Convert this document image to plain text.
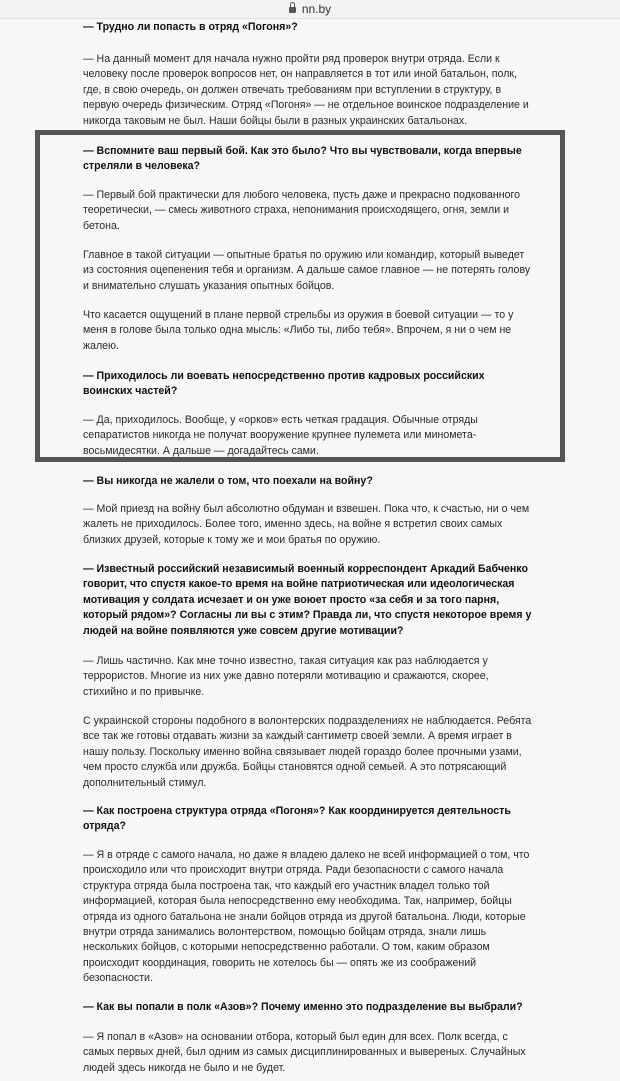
nn.by

— Трудно ли попасть в отряд «Погоня»?

— На данный момент для начала нужно пройти ряд проверок внутри отряда. Если к человеку после проверок вопросов нет, он направляется в тот или иной батальон, полк, где, в свою очередь, он должен отвечать требованиям при вступлении в структуру, в первую очередь физическим. Отряд «Погоня» — не отдельное воинское подразделение и никогда таковым не был. Наши бойцы были в разных украинских батальонах.

— Вспомните ваш первый бой. Как это было? Что вы чувствовали, когда впервые стреляли в человека?

— Первый бой практически для любого человека, пусть даже и прекрасно подкованного теоретически, — смесь животного страха, непонимания происходящего, огня, земли и бетона.

Главное в такой ситуации — опытные братья по оружию или командир, который выведет из состояния оцепенения тебя и организм. А дальше самое главное — не потерять голову и внимательно слушать указания опытных бойцов.

Что касается ощущений в плане первой стрельбы из оружия в боевой ситуации — то у меня в голове была только одна мысль: «Либо ты, либо тебя». Впрочем, я ни о чем не жалею.

— Приходилось ли воевать непосредственно против кадровых российских воинских частей?

— Да, приходилось. Вообще, у «орков» есть четкая градация. Обычные отряды сепаратистов никогда не получат вооружение крупнее пулемета или минометa-восьмидесятки. А дальше — догадайтесь сами.

— Вы никогда не жалели о том, что поехали на войну?

— Мой приезд на войну был абсолютно обдуман и взвешен. Пока что, к счастью, ни о чем жалеть не приходилось. Более того, именно здесь, на войне я встретил своих самых близких друзей, которые к тому же и мои братья по оружию.

— Известный российский независимый военный корреспондент Аркадий Бабченко говорит, что спустя какое-то время на войне патриотическая или идеологическая мотивация у солдата исчезает и он уже воюет просто «за себя и за того парня, который рядом»? Согласны ли вы с этим? Правда ли, что спустя некоторое время у людей на войне появляются уже совсем другие мотивации?

— Лишь частично. Как мне точно известно, такая ситуация как раз наблюдается у террористов. Многие из них уже давно потеряли мотивацию и сражаются, скорее, стихийно и по привычке.

С украинской стороны подобного в волонтерских подразделениях не наблюдается. Ребята все так же готовы отдавать жизни за каждый сантиметр своей земли. А время играет в нашу пользу. Поскольку именно война связывает людей гораздо более прочными узами, чем просто служба или дружба. Бойцы становятся одной семьей. А это потрясающий дополнительный стимул.

— Как построена структура отряда «Погоня»? Как координируется деятельность отряда?

— Я в отряде с самого начала, но даже я владею далеко не всей информацией о том, что происходило или что происходит внутри отряда. Ради безопасности с самого начала структура отряда была построена так, что каждый его участник владел только той информацией, которая была непосредственно ему необходима. Так, например, бойцы отряда из одного батальона не знали бойцов отряда из другой батальона. Люди, которые внутри отряда занимались волонтерством, помощью бойцам отряда, знали лишь нескольких бойцов, с которыми непосредственно работали. О том, каким образом происходит координация, говорить не хотелось бы — опять же из соображений безопасности.

— Как вы попали в полк «Азов»? Почему именно это подразделение вы выбрали?

— Я попал в «Азов» на основании отбора, который был един для всех. Полк всегда, с самых первых дней, был одним из самых дисциплинированных и вывереных. Случайных людей здесь никогда не было и не будет.
